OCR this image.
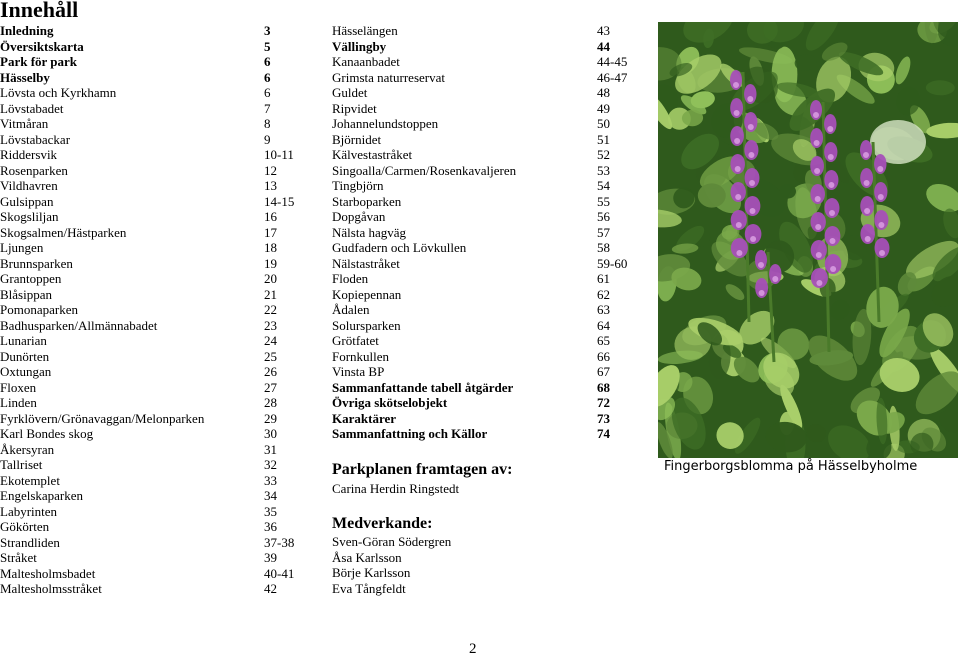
Innehåll
Inledning	3
Översiktskarta	5
Park för park	6
Hässelby	6
Lövsta och Kyrkhamn	6
Lövstabadet	7
Vitmåran	8
Lövstabackar	9
Riddersvik	10-11
Rosenparken	12
Vildhavren	13
Gulsippan	14-15
Skogsliljan	16
Skogsalmen/Hästparken	17
Ljungen	18
Brunnsparken	19
Grantoppen	20
Blåsippan	21
Pomonaparken	22
Badhusparken/Allmännabadet	23
Lunarian	24
Dunörten	25
Oxtungan	26
Floxen	27
Linden	28
Fyrklövern/Grönavaggan/Melonparken	29
Karl Bondes skog	30
Åkersyran	31
Tallriset	32
Ekotemplet	33
Engelskaparken	34
Labyrinten	35
Gökörten	36
Strandliden	37-38
Stråket	39
Maltesholmsbadet	40-41
Maltesholmsstråket	42
Hässelängen	43
Vällingby	44
Kanaanbadet	44-45
Grimsta naturreservat	46-47
Guldet	48
Ripvidet	49
Johannelundstoppen	50
Björnidet	51
Kälvestastråket	52
Singoalla/Carmen/Rosenkavaljeren	53
Tingbjörn	54
Starboparken	55
Dopgåvan	56
Nälsta hagväg	57
Gudfadern och Lövkullen	58
Nälstastråket	59-60
Floden	61
Kopiepennan	62
Ådalen	63
Solursparken	64
Grötfatet	65
Fornkullen	66
Vinsta BP	67
Sammanfattande tabell åtgärder	68
Övriga skötselobjekt	72
Karaktärer	73
Sammanfattning och Källor	74
Parkplanen framtagen av:
Carina Herdin Ringstedt
Medverkande:
Sven-Göran Södergren
Åsa Karlsson
Börje Karlsson
Eva Tångfeldt
Fingerborgsblomma på Hässelbyholme
2
